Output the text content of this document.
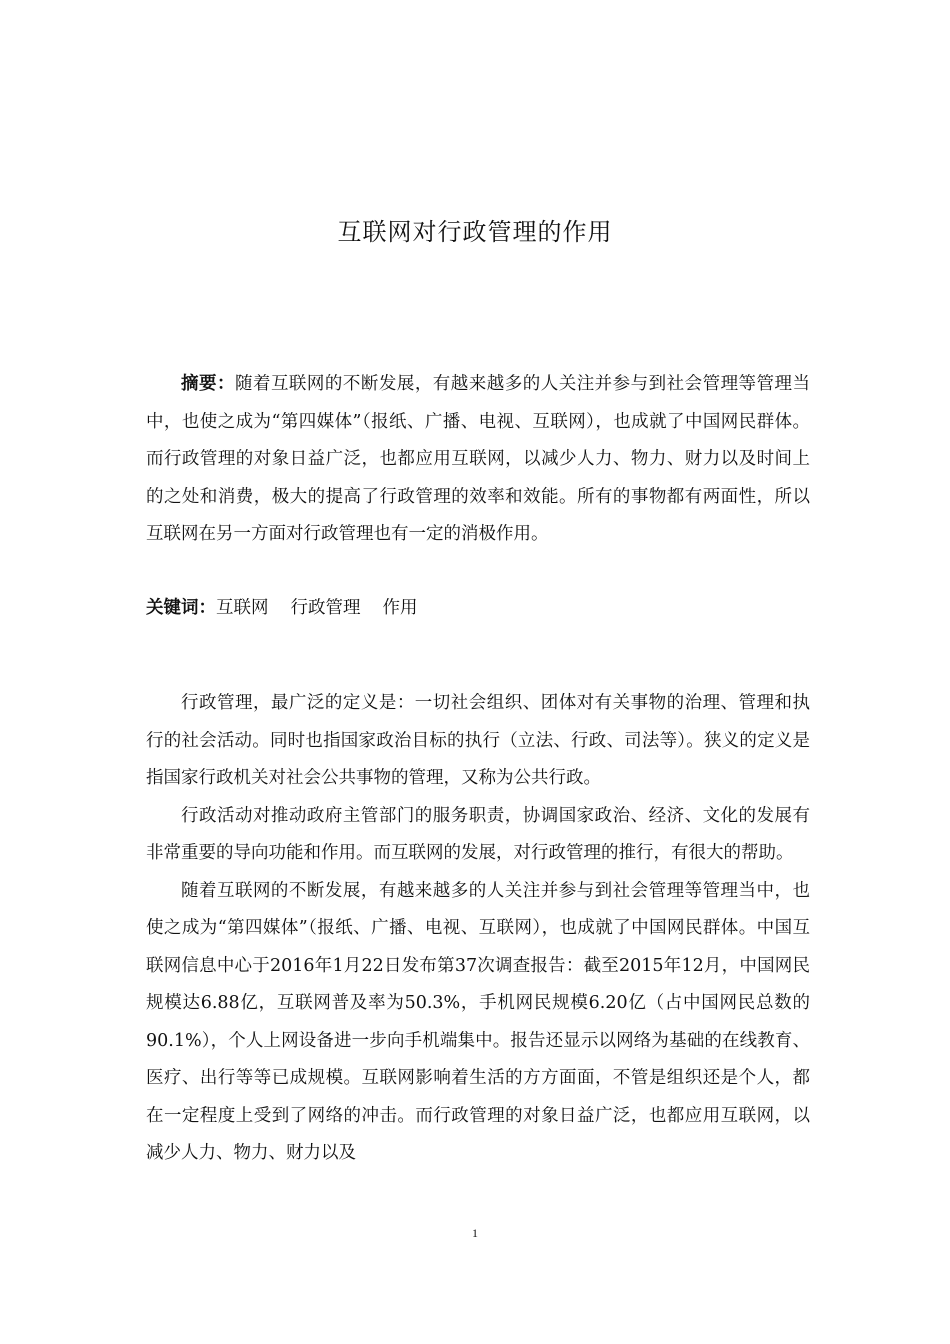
互联网对行政管理的作用

摘要：随着互联网的不断发展，有越来越多的人关注并参与到社会管理等管理当中，也使之成为“第四媒体”（报纸、广播、电视、互联网），也成就了中国网民群体。而行政管理的对象日益广泛，也都应用互联网，以减少人力、物力、财力以及时间上的之处和消费，极大的提高了行政管理的效率和效能。所有的事物都有两面性，所以互联网在另一方面对行政管理也有一定的消极作用。

关键词：互联网 行政管理 作用

行政管理，最广泛的定义是：一切社会组织、团体对有关事物的治理、管理和执行的社会活动。同时也指国家政治目标的执行（立法、行政、司法等）。狭义的定义是指国家行政机关对社会公共事物的管理，又称为公共行政。

行政活动对推动政府主管部门的服务职责，协调国家政治、经济、文化的发展有非常重要的导向功能和作用。而互联网的发展，对行政管理的推行，有很大的帮助。

随着互联网的不断发展，有越来越多的人关注并参与到社会管理等管理当中，也使之成为“第四媒体”（报纸、广播、电视、互联网），也成就了中国网民群体。中国互联网信息中心于2016年1月22日发布第37次调查报告：截至2015年12月，中国网民规模达6.88亿，互联网普及率为50.3%，手机网民规模6.20亿（占中国网民总数的90.1%），个人上网设备进一步向手机端集中。报告还显示以网络为基础的在线教育、医疗、出行等等已成规模。互联网影响着生活的方方面面，不管是组织还是个人，都在一定程度上受到了网络的冲击。而行政管理的对象日益广泛，也都应用互联网，以减少人力、物力、财力以及

1
